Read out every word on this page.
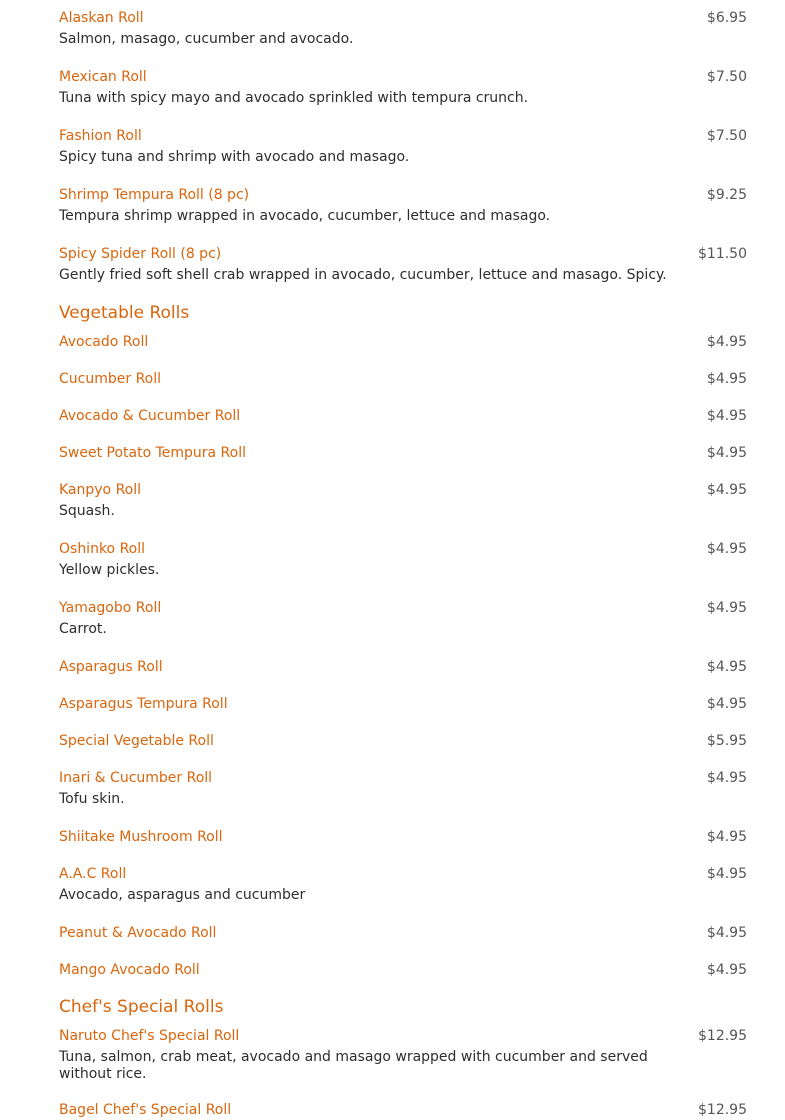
Alaskan Roll	$6.95
Salmon, masago, cucumber and avocado.
Mexican Roll	$7.50
Tuna with spicy mayo and avocado sprinkled with tempura crunch.
Fashion Roll	$7.50
Spicy tuna and shrimp with avocado and masago.
Shrimp Tempura Roll (8 pc)	$9.25
Tempura shrimp wrapped in avocado, cucumber, lettuce and masago.
Spicy Spider Roll (8 pc)	$11.50
Gently fried soft shell crab wrapped in avocado, cucumber, lettuce and masago. Spicy.
Vegetable Rolls
Avocado Roll	$4.95
Cucumber Roll	$4.95
Avocado & Cucumber Roll	$4.95
Sweet Potato Tempura Roll	$4.95
Kanpyo Roll	$4.95
Squash.
Oshinko Roll	$4.95
Yellow pickles.
Yamagobo Roll	$4.95
Carrot.
Asparagus Roll	$4.95
Asparagus Tempura Roll	$4.95
Special Vegetable Roll	$5.95
Inari & Cucumber Roll	$4.95
Tofu skin.
Shiitake Mushroom Roll	$4.95
A.A.C Roll	$4.95
Avocado, asparagus and cucumber
Peanut & Avocado Roll	$4.95
Mango Avocado Roll	$4.95
Chef's Special Rolls
Naruto Chef's Special Roll	$12.95
Tuna, salmon, crab meat, avocado and masago wrapped with cucumber and served without rice.
Bagel Chef's Special Roll	$12.95
